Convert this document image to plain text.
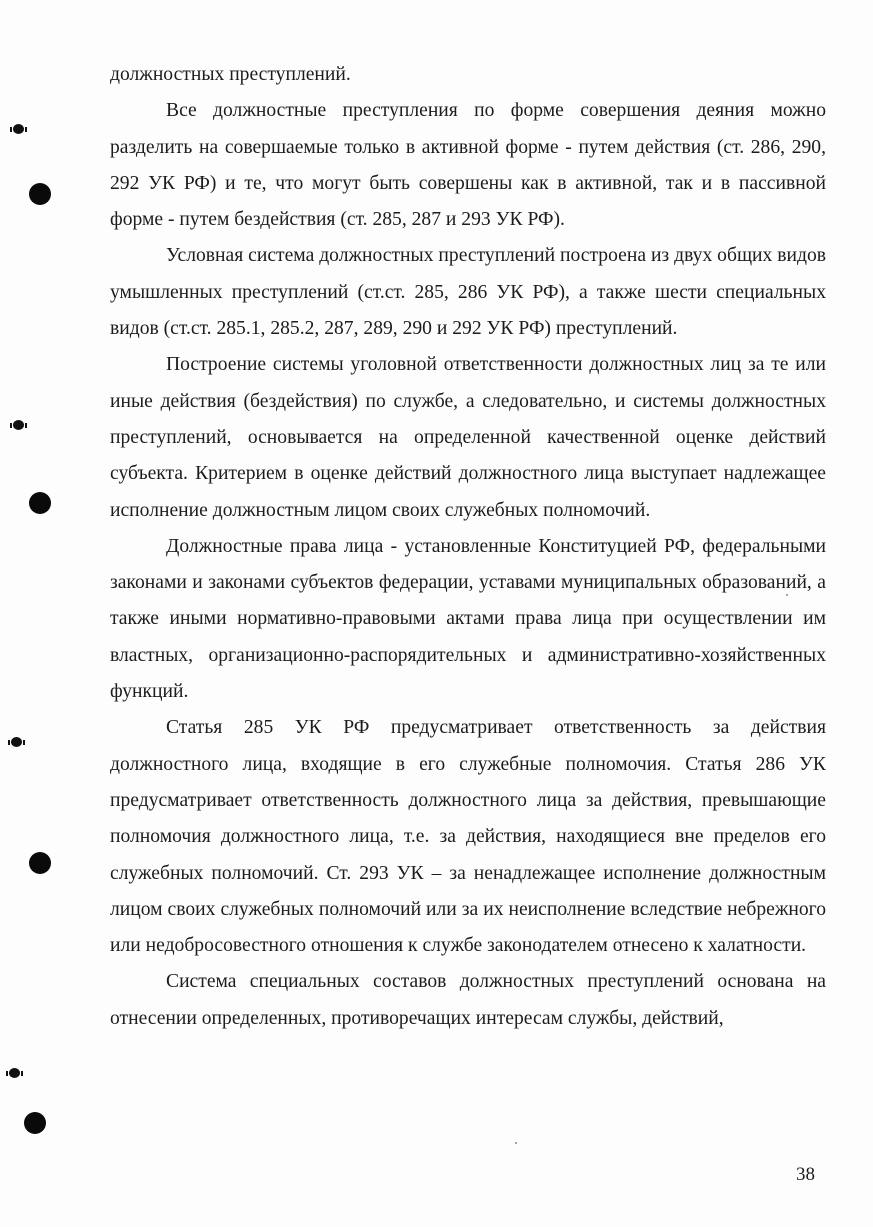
должностных преступлений.

Все должностные преступления по форме совершения деяния можно разделить на совершаемые только в активной форме - путем действия (ст. 286, 290, 292 УК РФ) и те, что могут быть совершены как в активной, так и в пассивной форме - путем бездействия (ст. 285, 287 и 293 УК РФ).

Условная система должностных преступлений построена из двух общих видов умышленных преступлений (ст.ст. 285, 286 УК РФ), а также шести специальных видов (ст.ст. 285.1, 285.2, 287, 289, 290 и 292 УК РФ) преступлений.

Построение системы уголовной ответственности должностных лиц за те или иные действия (бездействия) по службе, а следовательно, и системы должностных преступлений, основывается на определенной качественной оценке действий субъекта. Критерием в оценке действий должностного лица выступает надлежащее исполнение должностным лицом своих служебных полномочий.

Должностные права лица - установленные Конституцией РФ, федеральными законами и законами субъектов федерации, уставами муниципальных образований, а также иными нормативно-правовыми актами права лица при осуществлении им властных, организационно-распорядительных и административно-хозяйственных функций.

Статья 285 УК РФ предусматривает ответственность за действия должностного лица, входящие в его служебные полномочия. Статья 286 УК предусматривает ответственность должностного лица за действия, превышающие полномочия должностного лица, т.е. за действия, находящиеся вне пределов его служебных полномочий. Ст. 293 УК – за ненадлежащее исполнение должностным лицом своих служебных полномочий или за их неисполнение вследствие небрежного или недобросовестного отношения к службе законодателем отнесено к халатности.

Система специальных составов должностных преступлений основана на отнесении определенных, противоречащих интересам службы, действий,

38
